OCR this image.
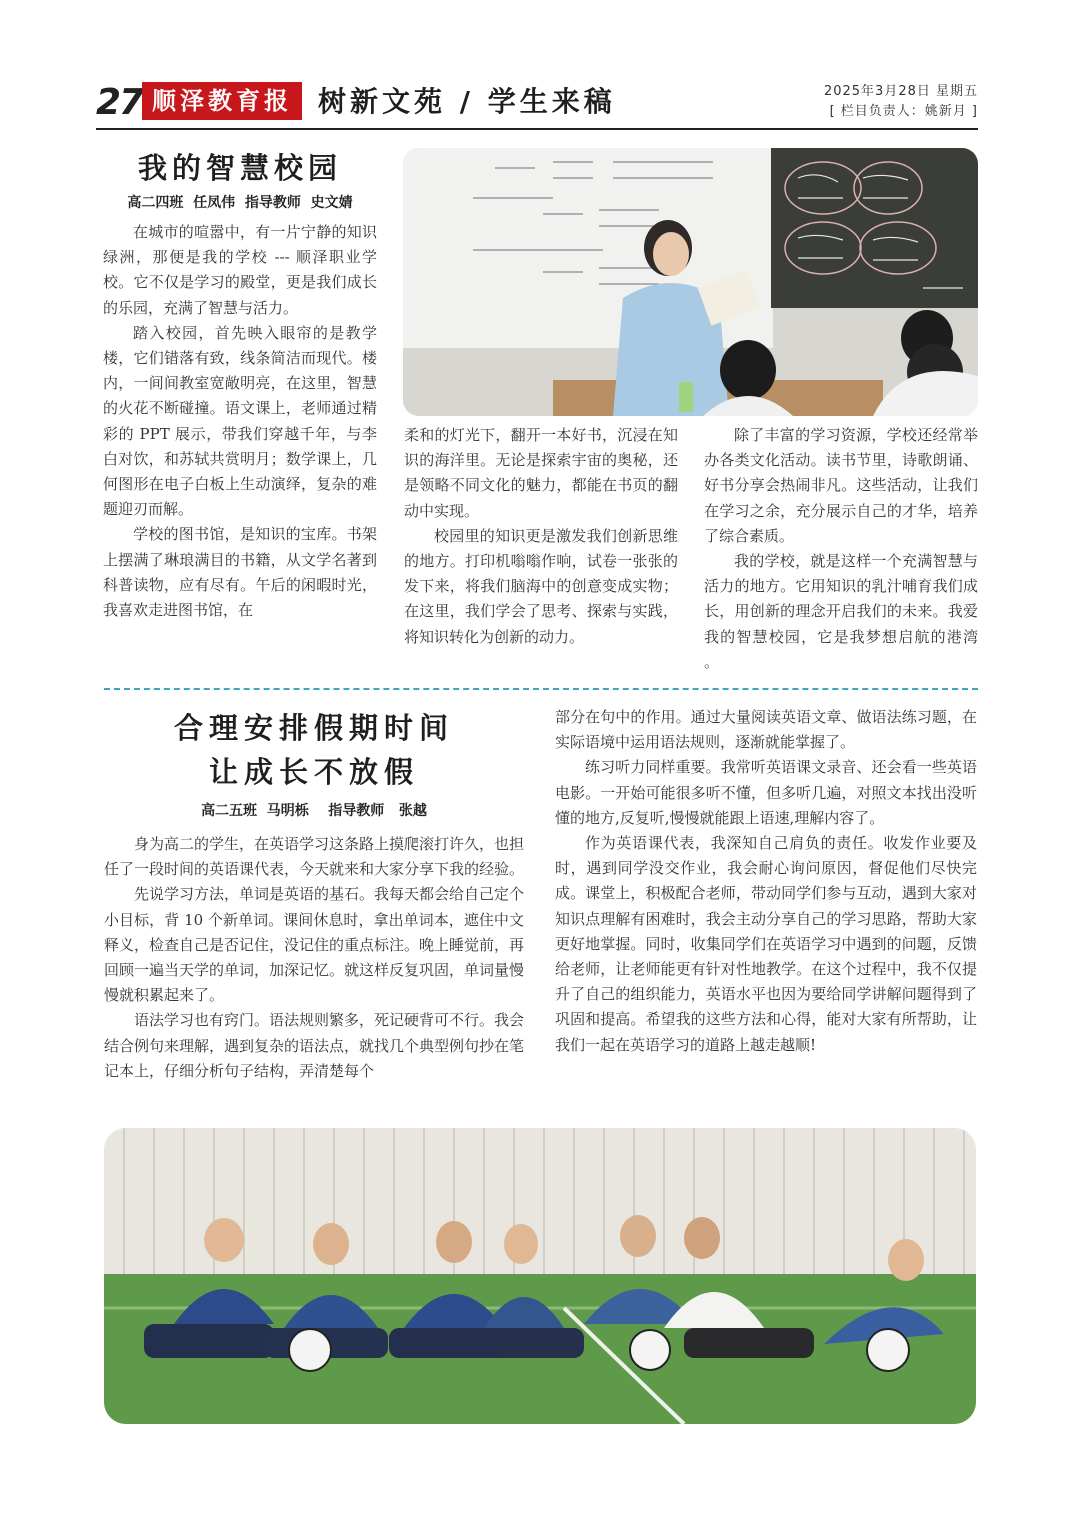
27 顺泽教育报 树新文苑 / 学生来稿	2025年3月28日 星期五
[ 栏目负责人：姚新月 ]
我的智慧校园
高二四班  任凤伟  指导教师  史文婧

在城市的喧嚣中，有一片宁静的知识绿洲，那便是我的学校 --- 顺泽职业学校。它不仅是学习的殿堂，更是我们成长的乐园，充满了智慧与活力。

踏入校园，首先映入眼帘的是教学楼，它们错落有致，线条简洁而现代。楼内，一间间教室宽敞明亮，在这里，智慧的火花不断碰撞。语文课上，老师通过精彩的 PPT 展示，带我们穿越千年，与李白对饮，和苏轼共赏明月；数学课上，几何图形在电子白板上生动演绎，复杂的难题迎刃而解。

学校的图书馆，是知识的宝库。书架上摆满了琳琅满目的书籍，从文学名著到科普读物，应有尽有。午后的闲暇时光，我喜欢走进图书馆，在

柔和的灯光下，翻开一本好书，沉浸在知识的海洋里。无论是探索宇宙的奥秘，还是领略不同文化的魅力，都能在书页的翻动中实现。

校园里的知识更是激发我们创新思维的地方。打印机嗡嗡作响，试卷一张张的发下来，将我们脑海中的创意变成实物；在这里，我们学会了思考、探索与实践，将知识转化为创新的动力。

除了丰富的学习资源，学校还经常举办各类文化活动。读书节里，诗歌朗诵、好书分享会热闹非凡。这些活动，让我们在学习之余，充分展示自己的才华，培养了综合素质。

我的学校，就是这样一个充满智慧与活力的地方。它用知识的乳汁哺育我们成长，用创新的理念开启我们的未来。我爱我的智慧校园，它是我梦想启航的港湾 。

合理安排假期时间
让成长不放假
高二五班  马明栎    指导教师   张越

身为高二的学生，在英语学习这条路上摸爬滚打许久，也担任了一段时间的英语课代表，今天就来和大家分享下我的经验。

先说学习方法，单词是英语的基石。我每天都会给自己定个小目标，背 10 个新单词。课间休息时，拿出单词本，遮住中文释义，检查自己是否记住，没记住的重点标注。晚上睡觉前，再回顾一遍当天学的单词，加深记忆。就这样反复巩固，单词量慢慢就积累起来了。

语法学习也有窍门。语法规则繁多，死记硬背可不行。我会结合例句来理解，遇到复杂的语法点，就找几个典型例句抄在笔记本上，仔细分析句子结构，弄清楚每个

部分在句中的作用。通过大量阅读英语文章、做语法练习题，在实际语境中运用语法规则，逐渐就能掌握了。

练习听力同样重要。我常听英语课文录音、还会看一些英语电影。一开始可能很多听不懂，但多听几遍，对照文本找出没听懂的地方,反复听,慢慢就能跟上语速,理解内容了。

作为英语课代表，我深知自己肩负的责任。收发作业要及时，遇到同学没交作业，我会耐心询问原因，督促他们尽快完成。课堂上，积极配合老师，带动同学们参与互动，遇到大家对知识点理解有困难时，我会主动分享自己的学习思路，帮助大家更好地掌握。同时，收集同学们在英语学习中遇到的问题，反馈给老师，让老师能更有针对性地教学。在这个过程中，我不仅提升了自己的组织能力，英语水平也因为要给同学讲解问题得到了巩固和提高。希望我的这些方法和心得，能对大家有所帮助，让我们一起在英语学习的道路上越走越顺!
